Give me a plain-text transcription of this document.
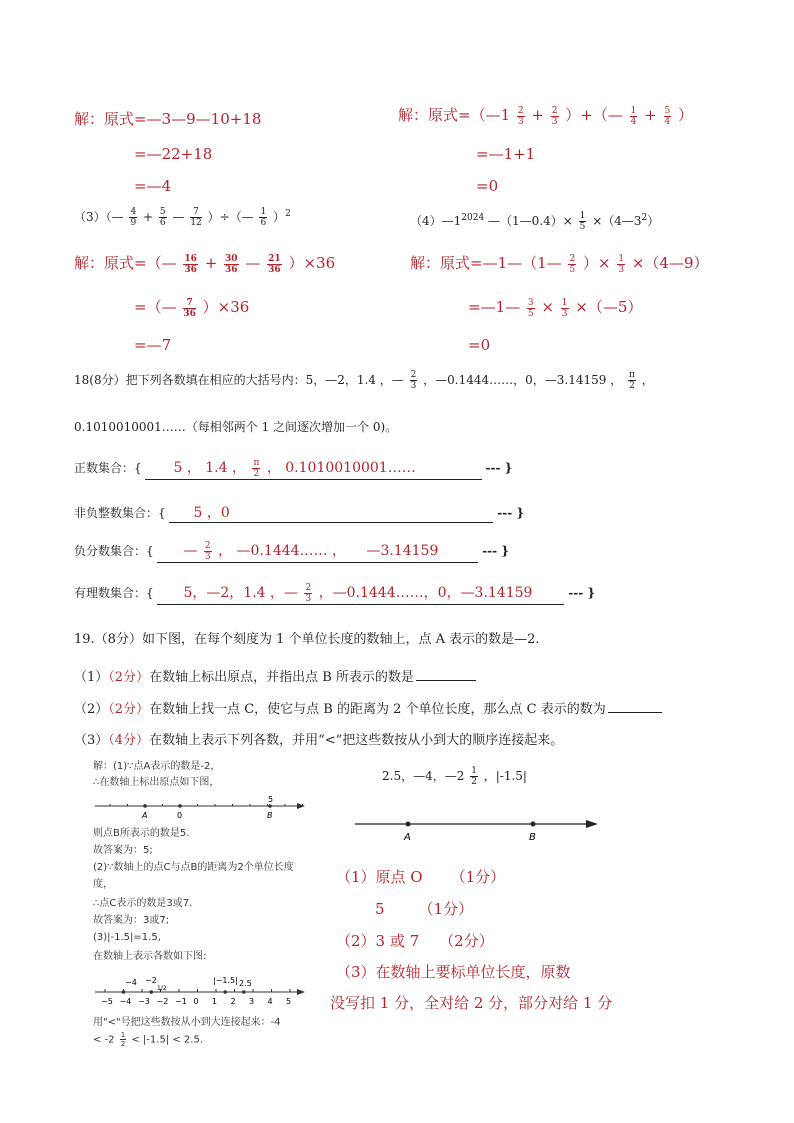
解：原式=—3—9—10+18
=—22+18
=—4
解：原式=（—1 $\frac{2}{3} + \frac{2}{3}$ ）+（— $\frac{1}{4} + \frac{5}{4}$ ）
=—1+1
=0
（3）（— $\frac{4}{9} + \frac{5}{6}$ — $\frac{7}{12}$ ）÷（— $\frac{1}{6} )^2$	$(4)—1^{2024}$ —（1—0.4）× $\frac{1}{5}$ $\times(4—3^2)$
解：原式=（— $\frac{16}{36} + \frac{30}{36}$ — $\frac{21}{36} )\times 36$
=（— $\frac{7}{36} )\times 36$
=—7
解：原式=—1—（1— $\frac{2}{5}$ ）× $\frac{1}{3}$ ×（4—9）
=—1— $\frac{3}{5} \times \frac{1}{3}$ ×（—5）
=0
18(8分）把下列各数填在相应的大括号内：5，—2，1.4 ，— $\frac{2}{3}$ ，—0.1444……，0，—3.14159 ， $\frac{\pi}{2}$ ，
0.1010010001……（每相邻两个 1 之间逐次增加一个 0)。
正数集合：{ 5 ， 1.4 ， $\frac{\pi}{2}$ ， 0.1010010001……	--- }
非负整数集合：{ 5 ，0	--- }
负分数集合：{ — $\frac{2}{3}$ ， —0.1444…… ， —3.14159	--- }
有理数集合：{ 5，—2，1.4 ，— $\frac{2}{3}$ ，—0.1444……，0，—3.14159	--- }
19.（8分）如下图，在每个刻度为 1 个单位长度的数轴上，点 A 表示的数是—2.
（1）（2分）在数轴上标出原点，并指出点 B 所表示的数是
（2）（2分）在数轴上找一点 C，使它与点 B 的距离为 2 个单位长度，那么点 C 表示的数为
（3）（4分）在数轴上表示下列各数，并用“<”把这些数按从小到大的顺序连接起来。
2.5，—4，—2 $\frac{1}{2}$ ，|-1.5|
A	B
解：(1)∵点A表示的数是-2，
∴在数轴上标出原点如下图，
A	0
5
B
则点B所表示的数是5.
故答案为：5;
(2)∵数轴上的点C与点B的距离为2个单位长度
度，
∴点C表示的数是3或7.
故答案为：3或7;
(3)|-1.5|=1.5,
在数轴上表示各数如下图:
−5 −4 −3 −2 −1 0 1 2 3 4 5
−4 −2
1/2
|−1.5| 2.5
用"<"号把这些数按从小到大连接起来：-4
< $-2 \frac{1}{2} < |-1.5| < 2.5$.
（1）原点 O （1分）
5 （1分）
（2）3 或 7 （2分）
（3）在数轴上要标单位长度，原数
没写扣 1 分，全对给 2 分，部分对给 1 分
